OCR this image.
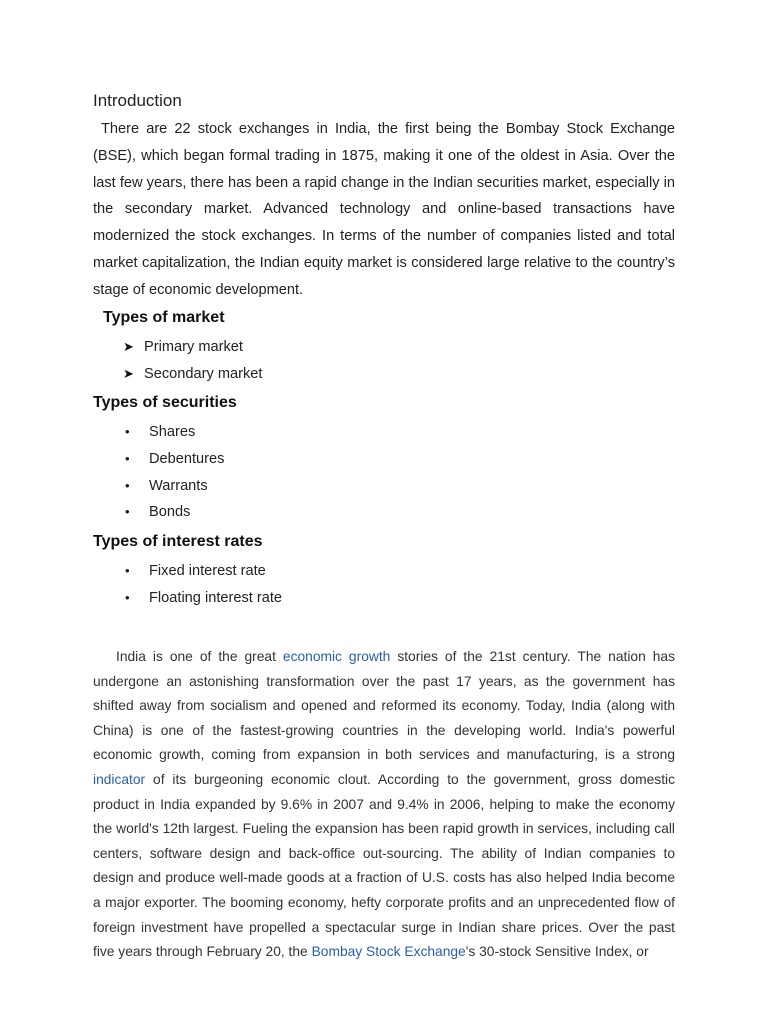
Introduction

There are 22 stock exchanges in India, the first being the Bombay Stock Exchange (BSE), which began formal trading in 1875, making it one of the oldest in Asia. Over the last few years, there has been a rapid change in the Indian securities market, especially in the secondary market. Advanced technology and online-based transactions have modernized the stock exchanges. In terms of the number of companies listed and total market capitalization, the Indian equity market is considered large relative to the country’s stage of economic development.

Types of market
➤ Primary market
➤ Secondary market
Types of securities
• Shares
• Debentures
• Warrants
• Bonds
Types of interest rates
• Fixed interest rate
• Floating interest rate

India is one of the great economic growth stories of the 21st century. The nation has undergone an astonishing transformation over the past 17 years, as the government has shifted away from socialism and opened and reformed its economy. Today, India (along with China) is one of the fastest-growing countries in the developing world. India's powerful economic growth, coming from expansion in both services and manufacturing, is a strong indicator of its burgeoning economic clout. According to the government, gross domestic product in India expanded by 9.6% in 2007 and 9.4% in 2006, helping to make the economy the world's 12th largest. Fueling the expansion has been rapid growth in services, including call centers, software design and back-office out-sourcing. The ability of Indian companies to design and produce well-made goods at a fraction of U.S. costs has also helped India become a major exporter. The booming economy, hefty corporate profits and an unprecedented flow of foreign investment have propelled a spectacular surge in Indian share prices. Over the past five years through February 20, the Bombay Stock Exchange's 30-stock Sensitive Index, or
